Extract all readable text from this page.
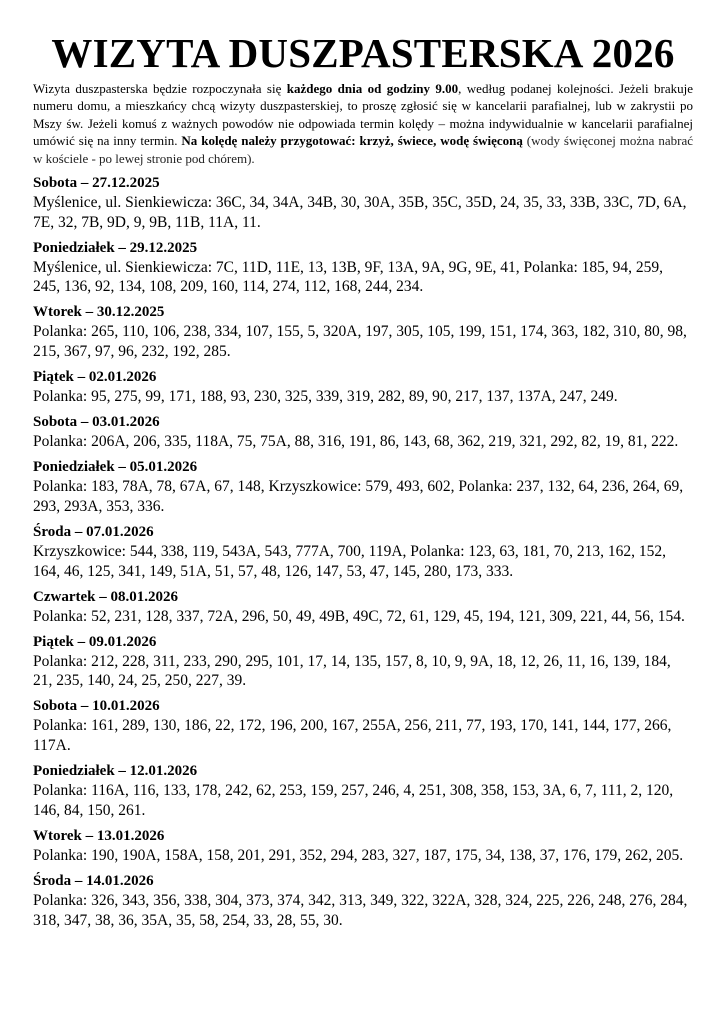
WIZYTA DUSZPASTERSKA 2026

Wizyta duszpasterska będzie rozpoczynała się każdego dnia od godziny 9.00, według podanej kolejności. Jeżeli brakuje numeru domu, a mieszkańcy chcą wizyty duszpasterskiej, to proszę zgłosić się w kancelarii parafialnej, lub w zakrystii po Mszy św. Jeżeli komuś z ważnych powodów nie odpowiada termin kolędy – można indywidualnie w kancelarii parafialnej umówić się na inny termin. Na kolędę należy przygotować: krzyż, świece, wodę święconą (wody święconej można nabrać w kościele - po lewej stronie pod chórem).

Sobota – 27.12.2025

Myślenice, ul. Sienkiewicza: 36C, 34, 34A, 34B, 30, 30A, 35B, 35C, 35D, 24, 35, 33, 33B, 33C, 7D, 6A, 7E, 32, 7B, 9D, 9, 9B, 11B, 11A, 11.

Poniedziałek – 29.12.2025

Myślenice, ul. Sienkiewicza: 7C, 11D, 11E, 13, 13B, 9F, 13A, 9A, 9G, 9E, 41, Polanka: 185, 94, 259, 245, 136, 92, 134, 108, 209, 160, 114, 274, 112, 168, 244, 234.

Wtorek – 30.12.2025

Polanka: 265, 110, 106, 238, 334, 107, 155, 5, 320A, 197, 305, 105, 199, 151, 174, 363, 182, 310, 80, 98, 215, 367, 97, 96, 232, 192, 285.

Piątek – 02.01.2026

Polanka: 95, 275, 99, 171, 188, 93, 230, 325, 339, 319, 282, 89, 90, 217, 137, 137A, 247, 249.

Sobota – 03.01.2026

Polanka: 206A, 206, 335, 118A, 75, 75A, 88, 316, 191, 86, 143, 68, 362, 219, 321, 292, 82, 19, 81, 222.

Poniedziałek – 05.01.2026

Polanka: 183, 78A, 78, 67A, 67, 148, Krzyszkowice: 579, 493, 602, Polanka: 237, 132, 64, 236, 264, 69, 293, 293A, 353, 336.

Środa – 07.01.2026

Krzyszkowice: 544, 338, 119, 543A, 543, 777A, 700, 119A, Polanka: 123, 63, 181, 70, 213, 162, 152, 164, 46, 125, 341, 149, 51A, 51, 57, 48, 126, 147, 53, 47, 145, 280, 173, 333.

Czwartek – 08.01.2026

Polanka: 52, 231, 128, 337, 72A, 296, 50, 49, 49B, 49C, 72, 61, 129, 45, 194, 121, 309, 221, 44, 56, 154.

Piątek – 09.01.2026

Polanka: 212, 228, 311, 233, 290, 295, 101, 17, 14, 135, 157, 8, 10, 9, 9A, 18, 12, 26, 11, 16, 139, 184, 21, 235, 140, 24, 25, 250, 227, 39.

Sobota – 10.01.2026

Polanka: 161, 289, 130, 186, 22, 172, 196, 200, 167, 255A, 256, 211, 77, 193, 170, 141, 144, 177, 266, 117A.

Poniedziałek – 12.01.2026

Polanka: 116A, 116, 133, 178, 242, 62, 253, 159, 257, 246, 4, 251, 308, 358, 153, 3A, 6, 7, 111, 2, 120, 146, 84, 150, 261.

Wtorek – 13.01.2026

Polanka: 190, 190A, 158A, 158, 201, 291, 352, 294, 283, 327, 187, 175, 34, 138, 37, 176, 179, 262, 205.

Środa – 14.01.2026

Polanka: 326, 343, 356, 338, 304, 373, 374, 342, 313, 349, 322, 322A, 328, 324, 225, 226, 248, 276, 284, 318, 347, 38, 36, 35A, 35, 58, 254, 33, 28, 55, 30.
